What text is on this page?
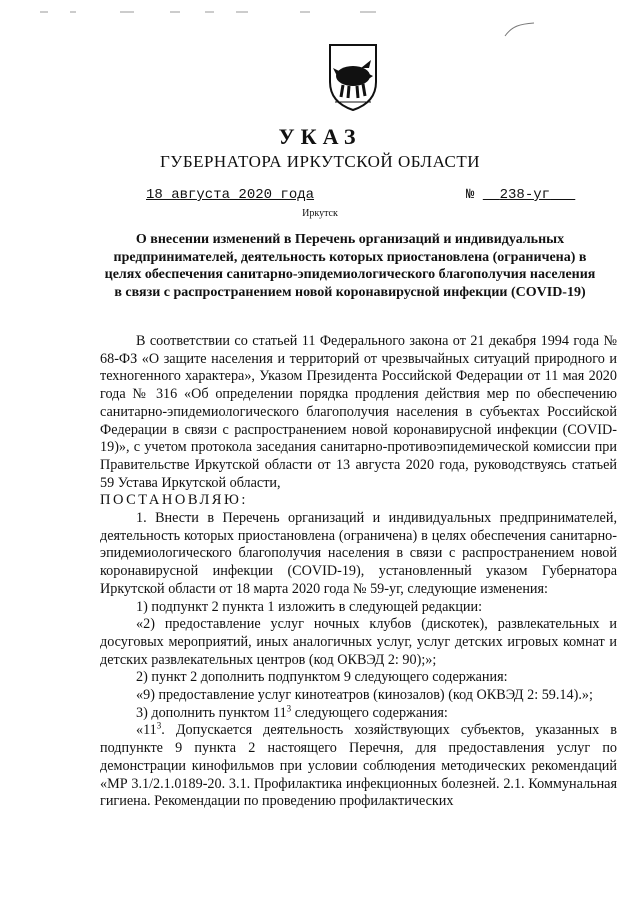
УКАЗ
ГУБЕРНАТОРА ИРКУТСКОЙ ОБЛАСТИ
18 августа 2020 года	№ 238-уг
Иркутск
О внесении изменений в Перечень организаций и индивидуальных предпринимателей, деятельность которых приостановлена (ограничена) в целях обеспечения санитарно-эпидемиологического благополучия населения в связи с распространением новой коронавирусной инфекции (COVID-19)

В соответствии со статьей 11 Федерального закона от 21 декабря 1994 года № 68-ФЗ «О защите населения и территорий от чрезвычайных ситуаций природного и техногенного характера», Указом Президента Российской Федерации от 11 мая 2020 года № 316 «Об определении порядка продления действия мер по обеспечению санитарно-эпидемиологического благополучия населения в субъектах Российской Федерации в связи с распространением новой коронавирусной инфекции (COVID-19)», с учетом протокола заседания санитарно-противоэпидемической комиссии при Правительстве Иркутской области от 13 августа 2020 года, руководствуясь статьей 59 Устава Иркутской области,

ПОСТАНОВЛЯЮ:

1. Внести в Перечень организаций и индивидуальных предпринимателей, деятельность которых приостановлена (ограничена) в целях обеспечения санитарно-эпидемиологического благополучия населения в связи с распространением новой коронавирусной инфекции (COVID-19), установленный указом Губернатора Иркутской области от 18 марта 2020 года № 59-уг, следующие изменения:

1) подпункт 2 пункта 1 изложить в следующей редакции:

«2) предоставление услуг ночных клубов (дискотек), развлекательных и досуговых мероприятий, иных аналогичных услуг, услуг детских игровых комнат и детских развлекательных центров (код ОКВЭД 2: 90);»;

2) пункт 2 дополнить подпунктом 9 следующего содержания:

«9) предоставление услуг кинотеатров (кинозалов) (код ОКВЭД 2: 59.14).»;

3) дополнить пунктом $11^3$ следующего содержания:

«$11^3$. Допускается деятельность хозяйствующих субъектов, указанных в подпункте 9 пункта 2 настоящего Перечня, для предоставления услуг по демонстрации кинофильмов при условии соблюдения методических рекомендаций «МР 3.1/2.1.0189-20. 3.1. Профилактика инфекционных болезней. 2.1. Коммунальная гигиена. Рекомендации по проведению профилактических
